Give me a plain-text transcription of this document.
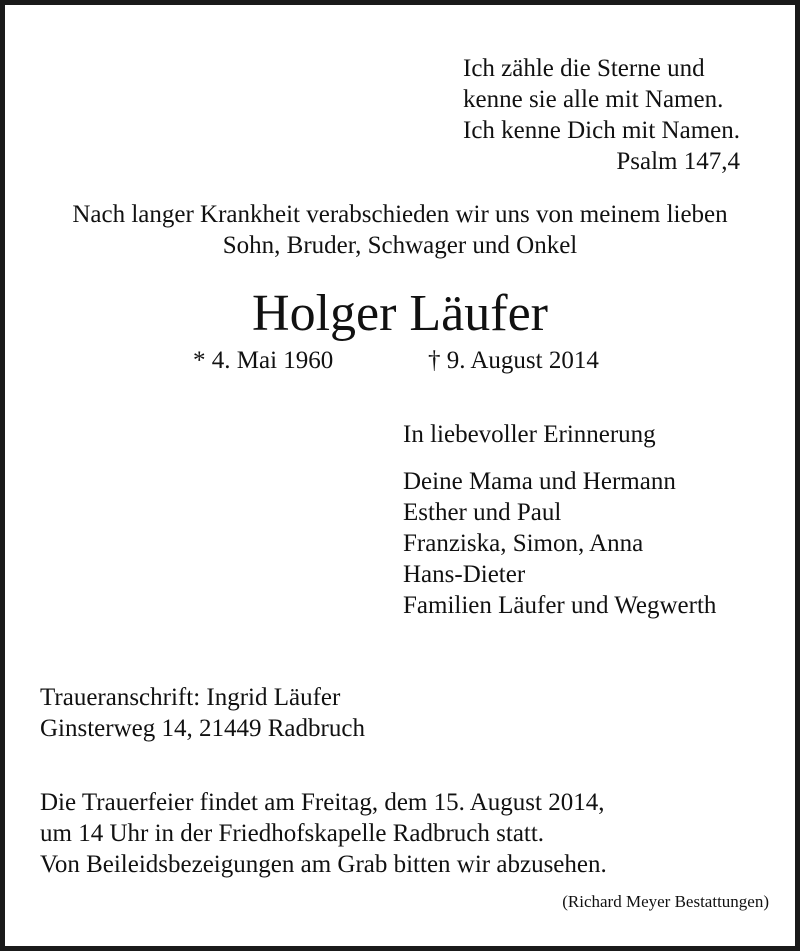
Ich zähle die Sterne und
kenne sie alle mit Namen.
Ich kenne Dich mit Namen.
Psalm 147,4
Nach langer Krankheit verabschieden wir uns von meinem lieben
Sohn, Bruder, Schwager und Onkel
Holger Läufer
* 4. Mai 1960	† 9. August 2014
In liebevoller Erinnerung
Deine Mama und Hermann
Esther und Paul
Franziska, Simon, Anna
Hans-Dieter
Familien Läufer und Wegwerth
Traueranschrift: Ingrid Läufer
Ginsterweg 14, 21449 Radbruch
Die Trauerfeier findet am Freitag, dem 15. August 2014,
um 14 Uhr in der Friedhofskapelle Radbruch statt.
Von Beileidsbezeigungen am Grab bitten wir abzusehen.
(Richard Meyer Bestattungen)
